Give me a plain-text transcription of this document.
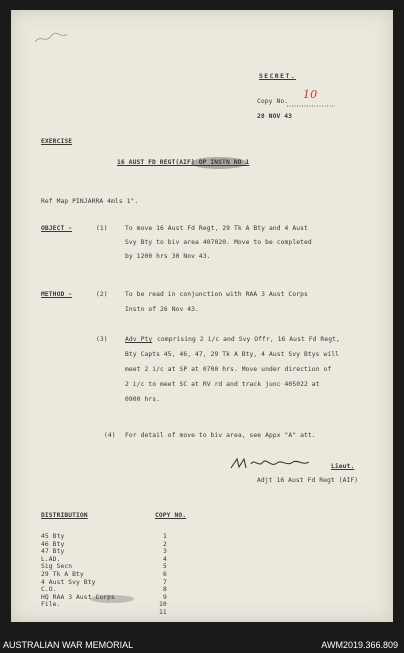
SECRET.
Copy No.
10
28 NOV 43
EXERCISE
16 AUST FD REGT(AIF) OP INSTN NO 1
Ref Map PINJARRA 4mls 1".
OBJECT -	(1)	To move 16 Aust Fd Regt, 29 Tk A Bty and 4 Aust
Svy Bty to biv area 407020. Move to be completed
by 1200 hrs 30 Nov 43.
METHOD -	(2)	To be read in conjunction with RAA 3 Aust Corps
Instn of 26 Nov 43.
(3)	Adv Pty comprising 2 i/c and Svy Offr, 16 Aust Fd Regt,
Bty Capts 45, 46, 47, 29 Tk A Bty, 4 Aust Svy Btys will
meet 2 i/c at SP at 0700 hrs. Move under direction of
2 i/c to meet SC at RV rd and track junc 405022 at
0900 hrs.
(4) For detail of move to biv area, see Appx "A" att.
Lieut.
Adjt 16 Aust Fd Regt (AIF)
DISTRIBUTION	COPY NO.
45 Bty	1
46 Bty	2
47 Bty	3
L.AD.	4
Sig Secn	5
29 Tk A Bty	6
4 Aust Svy Bty	7
C.O.	8
HQ RAA 3 Aust Corps	9
File.	10
11
AUSTRALIAN WAR MEMORIAL	AWM2019.366.809
